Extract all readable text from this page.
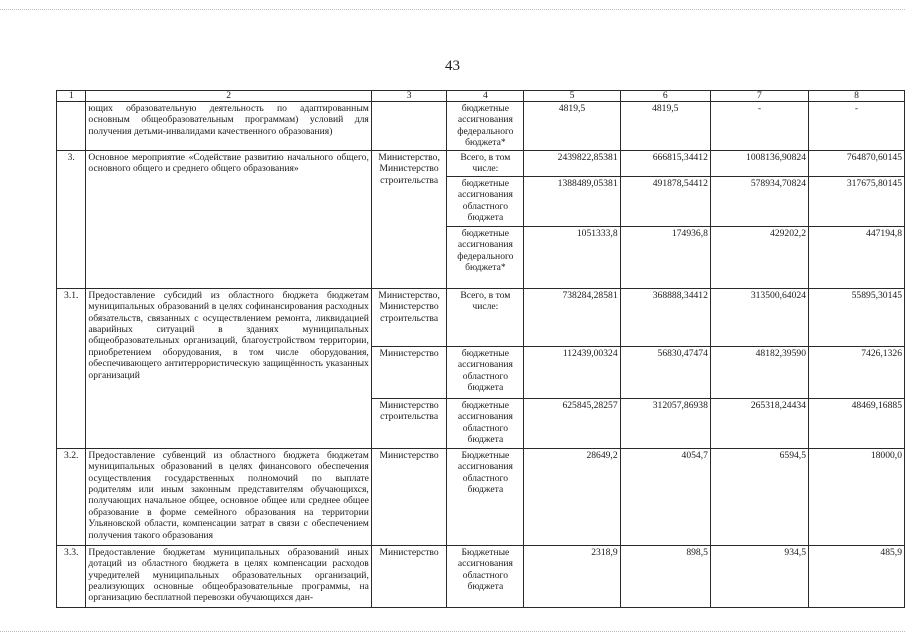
43
1	2	3	4	5	6	7	8
	ющих образовательную деятельность по адаптированным основным общеобразовательным программам) условий для получения детьми-инвалидами качественного образования)		бюджетные ассигнования федерального бюджета*	4819,5	4819,5	-	-
3.	Основное мероприятие «Содействие развитию начального общего, основного общего и среднего общего образования»	Министерство, Министерство строительства	Всего, в том числе:	2439822,85381	666815,34412	1008136,90824	764870,60145
			бюджетные ассигнования областного бюджета	1388489,05381	491878,54412	578934,70824	317675,80145
			бюджетные ассигнования федерального бюджета*	1051333,8	174936,8	429202,2	447194,8
3.1.	Предоставление субсидий из областного бюджета бюджетам муниципальных образований в целях софинансирования расходных обязательств, связанных с осуществлением ремонта, ликвидацией аварийных ситуаций в зданиях муниципальных общеобразовательных организаций, благоустройством территории, приобретением оборудования, в том числе оборудования, обеспечивающего антитеррористическую защищённость указанных организаций	Министерство, Министерство строительства	Всего, в том числе:	738284,28581	368888,34412	313500,64024	55895,30145
		Министерство	бюджетные ассигнования областного бюджета	112439,00324	56830,47474	48182,39590	7426,1326
		Министерство строительства	бюджетные ассигнования областного бюджета	625845,28257	312057,86938	265318,24434	48469,16885
3.2.	Предоставление субвенций из областного бюджета бюджетам муниципальных образований в целях финансового обеспечения осуществления государственных полномочий по выплате родителям или иным законным представителям обучающихся, получающих начальное общее, основное общее или среднее общее образование в форме семейного образования на территории Ульяновской области, компенсации затрат в связи с обеспечением получения такого образования	Министерство	Бюджетные ассигнования областного бюджета	28649,2	4054,7	6594,5	18000,0
3.3.	Предоставление бюджетам муниципальных образований иных дотаций из областного бюджета в целях компенсации расходов учредителей муниципальных образовательных организаций, реализующих основные общеобразовательные программы, на организацию бесплатной перевозки обучающихся дан-	Министерство	Бюджетные ассигнования областного бюджета	2318,9	898,5	934,5	485,9
